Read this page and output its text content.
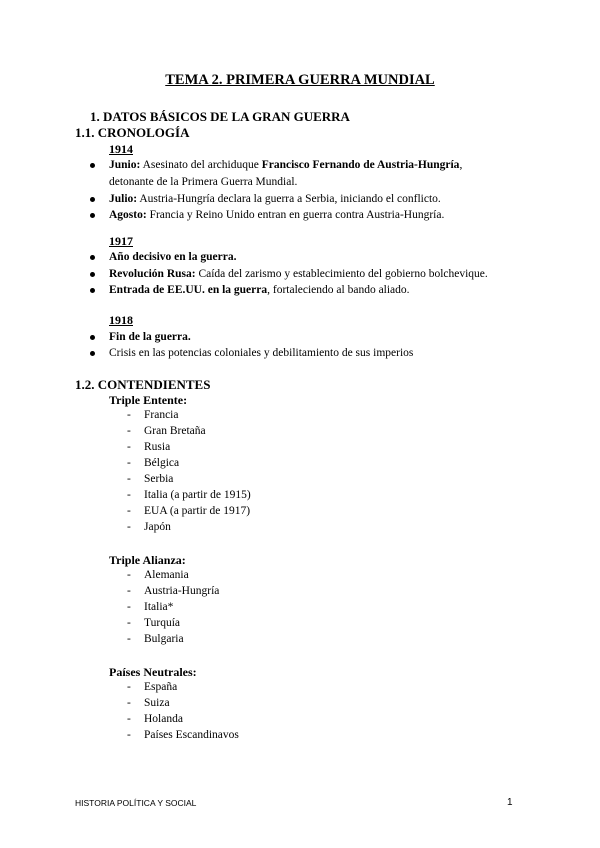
TEMA 2. PRIMERA GUERRA MUNDIAL
1. DATOS BÁSICOS DE LA GRAN GUERRA
1.1. CRONOLOGÍA
1914
Junio: Asesinato del archiduque Francisco Fernando de Austria-Hungría,
detonante de la Primera Guerra Mundial.
Julio: Austria-Hungría declara la guerra a Serbia, iniciando el conflicto.
Agosto: Francia y Reino Unido entran en guerra contra Austria-Hungría.
1917
Año decisivo en la guerra.
Revolución Rusa: Caída del zarismo y establecimiento del gobierno bolchevique.
Entrada de EE.UU. en la guerra, fortaleciendo al bando aliado.
1918
Fin de la guerra.
Crisis en las potencias coloniales y debilitamiento de sus imperios
1.2. CONTENDIENTES
Triple Entente:
- Francia
- Gran Bretaña
- Rusia
- Bélgica
- Serbia
- Italia (a partir de 1915)
- EUA (a partir de 1917)
- Japón
Triple Alianza:
- Alemania
- Austria-Hungría
- Italia*
- Turquía
- Bulgaria
Países Neutrales:
- España
- Suiza
- Holanda
- Países Escandinavos
HISTORIA POLÍTICA Y SOCIAL	1
